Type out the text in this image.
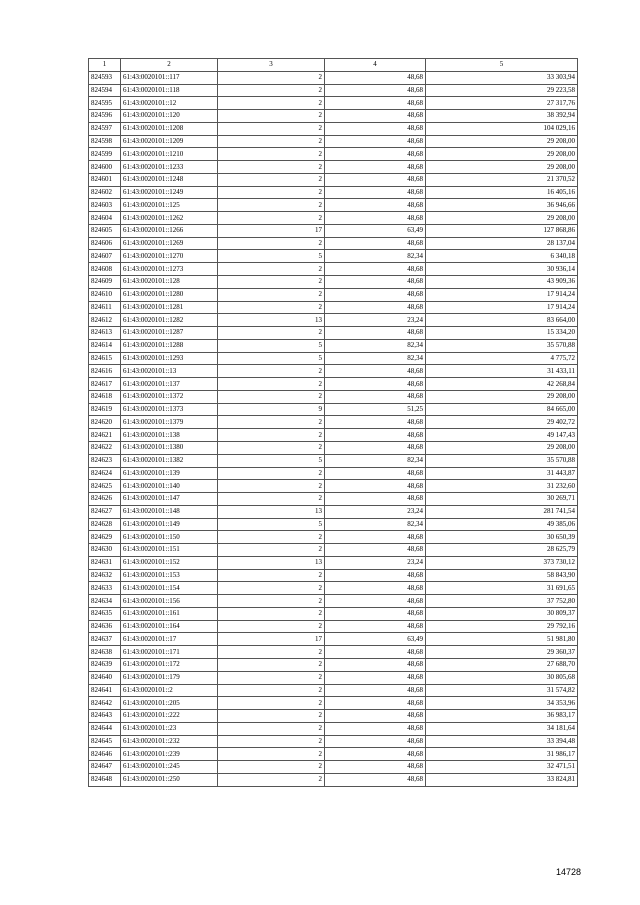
1	2	3	4	5
824593	61:43:0020101::117	2	48,68	33 303,94
824594	61:43:0020101::118	2	48,68	29 223,58
824595	61:43:0020101::12	2	48,68	27 317,76
824596	61:43:0020101::120	2	48,68	38 392,94
824597	61:43:0020101::1208	2	48,68	104 029,16
824598	61:43:0020101::1209	2	48,68	29 208,00
824599	61:43:0020101::1210	2	48,68	29 208,00
824600	61:43:0020101::1233	2	48,68	29 208,00
824601	61:43:0020101::1248	2	48,68	21 370,52
824602	61:43:0020101::1249	2	48,68	16 405,16
824603	61:43:0020101::125	2	48,68	36 946,66
824604	61:43:0020101::1262	2	48,68	29 208,00
824605	61:43:0020101::1266	17	63,49	127 868,86
824606	61:43:0020101::1269	2	48,68	28 137,04
824607	61:43:0020101::1270	5	82,34	6 340,18
824608	61:43:0020101::1273	2	48,68	30 936,14
824609	61:43:0020101::128	2	48,68	43 909,36
824610	61:43:0020101::1280	2	48,68	17 914,24
824611	61:43:0020101::1281	2	48,68	17 914,24
824612	61:43:0020101::1282	13	23,24	83 664,00
824613	61:43:0020101::1287	2	48,68	15 334,20
824614	61:43:0020101::1288	5	82,34	35 570,88
824615	61:43:0020101::1293	5	82,34	4 775,72
824616	61:43:0020101::13	2	48,68	31 433,11
824617	61:43:0020101::137	2	48,68	42 268,84
824618	61:43:0020101::1372	2	48,68	29 208,00
824619	61:43:0020101::1373	9	51,25	84 665,00
824620	61:43:0020101::1379	2	48,68	29 402,72
824621	61:43:0020101::138	2	48,68	49 147,43
824622	61:43:0020101::1380	2	48,68	29 208,00
824623	61:43:0020101::1382	5	82,34	35 570,88
824624	61:43:0020101::139	2	48,68	31 443,87
824625	61:43:0020101::140	2	48,68	31 232,60
824626	61:43:0020101::147	2	48,68	30 269,71
824627	61:43:0020101::148	13	23,24	281 741,54
824628	61:43:0020101::149	5	82,34	49 385,06
824629	61:43:0020101::150	2	48,68	30 650,39
824630	61:43:0020101::151	2	48,68	28 625,79
824631	61:43:0020101::152	13	23,24	373 730,12
824632	61:43:0020101::153	2	48,68	58 843,90
824633	61:43:0020101::154	2	48,68	31 691,65
824634	61:43:0020101::156	2	48,68	37 752,80
824635	61:43:0020101::161	2	48,68	30 809,37
824636	61:43:0020101::164	2	48,68	29 792,16
824637	61:43:0020101::17	17	63,49	51 981,80
824638	61:43:0020101::171	2	48,68	29 360,37
824639	61:43:0020101::172	2	48,68	27 688,70
824640	61:43:0020101::179	2	48,68	30 805,68
824641	61:43:0020101::2	2	48,68	31 574,82
824642	61:43:0020101::205	2	48,68	34 353,96
824643	61:43:0020101::222	2	48,68	36 983,17
824644	61:43:0020101::23	2	48,68	34 181,64
824645	61:43:0020101::232	2	48,68	33 394,48
824646	61:43:0020101::239	2	48,68	31 986,17
824647	61:43:0020101::245	2	48,68	32 471,51
824648	61:43:0020101::250	2	48,68	33 824,81
14728
